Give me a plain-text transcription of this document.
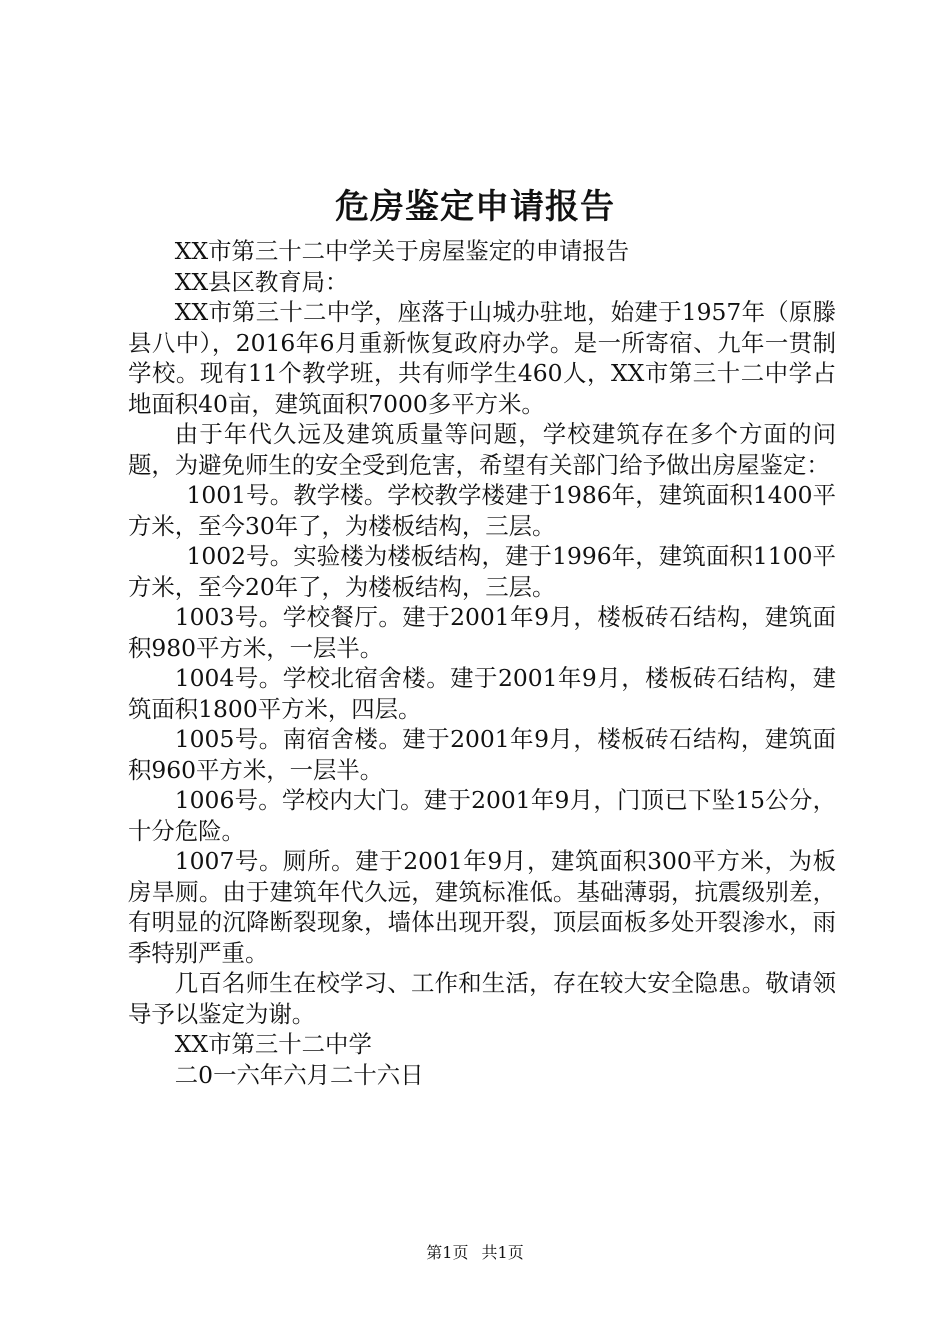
危房鉴定申请报告

XX市第三十二中学关于房屋鉴定的申请报告

XX县区教育局：

XX市第三十二中学，座落于山城办驻地，始建于1957年（原滕县八中），2016年6月重新恢复政府办学。是一所寄宿、九年一贯制学校。现有11个教学班，共有师学生460人，XX市第三十二中学占地面积40亩，建筑面积7000多平方米。

由于年代久远及建筑质量等问题，学校建筑存在多个方面的问题，为避免师生的安全受到危害，希望有关部门给予做出房屋鉴定：

1001号。教学楼。学校教学楼建于1986年，建筑面积1400平方米，至今30年了，为楼板结构，三层。

1002号。实验楼为楼板结构，建于1996年，建筑面积1100平方米，至今20年了，为楼板结构，三层。

1003号。学校餐厅。建于2001年9月，楼板砖石结构，建筑面积980平方米，一层半。

1004号。学校北宿舍楼。建于2001年9月，楼板砖石结构，建筑面积1800平方米，四层。

1005号。南宿舍楼。建于2001年9月，楼板砖石结构，建筑面积960平方米，一层半。

1006号。学校内大门。建于2001年9月，门顶已下坠15公分，十分危险。

1007号。厕所。建于2001年9月，建筑面积300平方米，为板房旱厕。由于建筑年代久远，建筑标准低。基础薄弱，抗震级别差，有明显的沉降断裂现象，墙体出现开裂，顶层面板多处开裂渗水，雨季特别严重。

几百名师生在校学习、工作和生活，存在较大安全隐患。敬请领导予以鉴定为谢。

XX市第三十二中学

二0一六年六月二十六日

第1页 共1页
